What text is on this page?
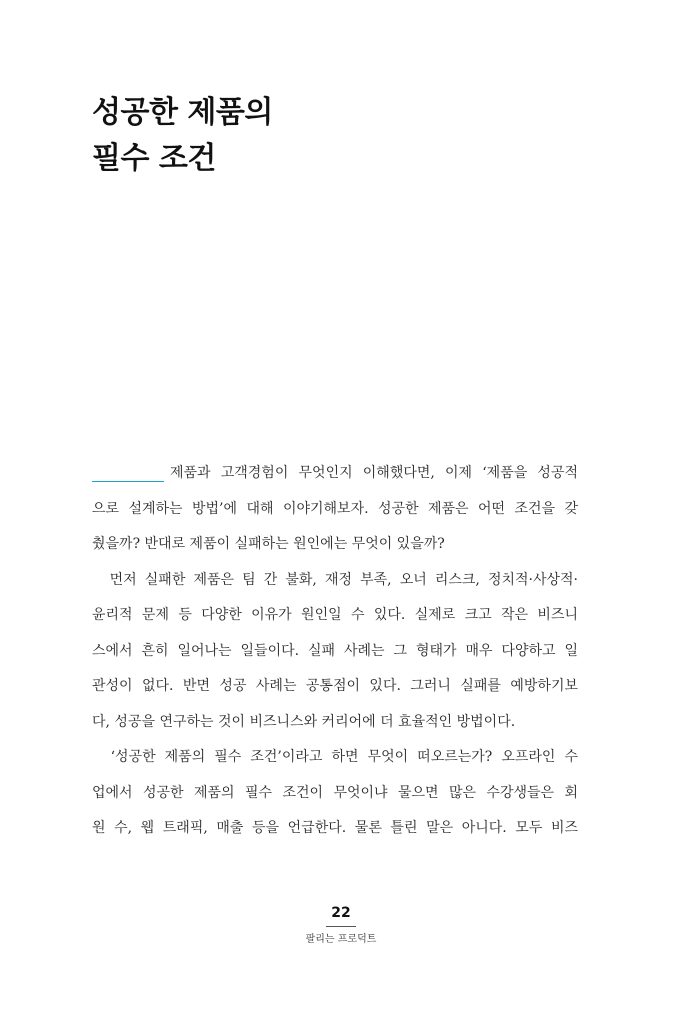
성공한 제품의
필수 조건
제품과 고객경험이 무엇인지 이해했다면, 이제 ‘제품을 성공적
으로 설계하는 방법’에 대해 이야기해보자. 성공한 제품은 어떤 조건을 갖
췄을까? 반대로 제품이 실패하는 원인에는 무엇이 있을까?
　먼저 실패한 제품은 팀 간 불화, 재정 부족, 오너 리스크, 정치적·사상적·
윤리적 문제 등 다양한 이유가 원인일 수 있다. 실제로 크고 작은 비즈니
스에서 흔히 일어나는 일들이다. 실패 사례는 그 형태가 매우 다양하고 일
관성이 없다. 반면 성공 사례는 공통점이 있다. 그러니 실패를 예방하기보
다, 성공을 연구하는 것이 비즈니스와 커리어에 더 효율적인 방법이다.
　‘성공한 제품의 필수 조건’이라고 하면 무엇이 떠오르는가? 오프라인 수
업에서 성공한 제품의 필수 조건이 무엇이냐 물으면 많은 수강생들은 회
원 수, 웹 트래픽, 매출 등을 언급한다. 물론 틀린 말은 아니다. 모두 비즈
22
팔리는 프로덕트
